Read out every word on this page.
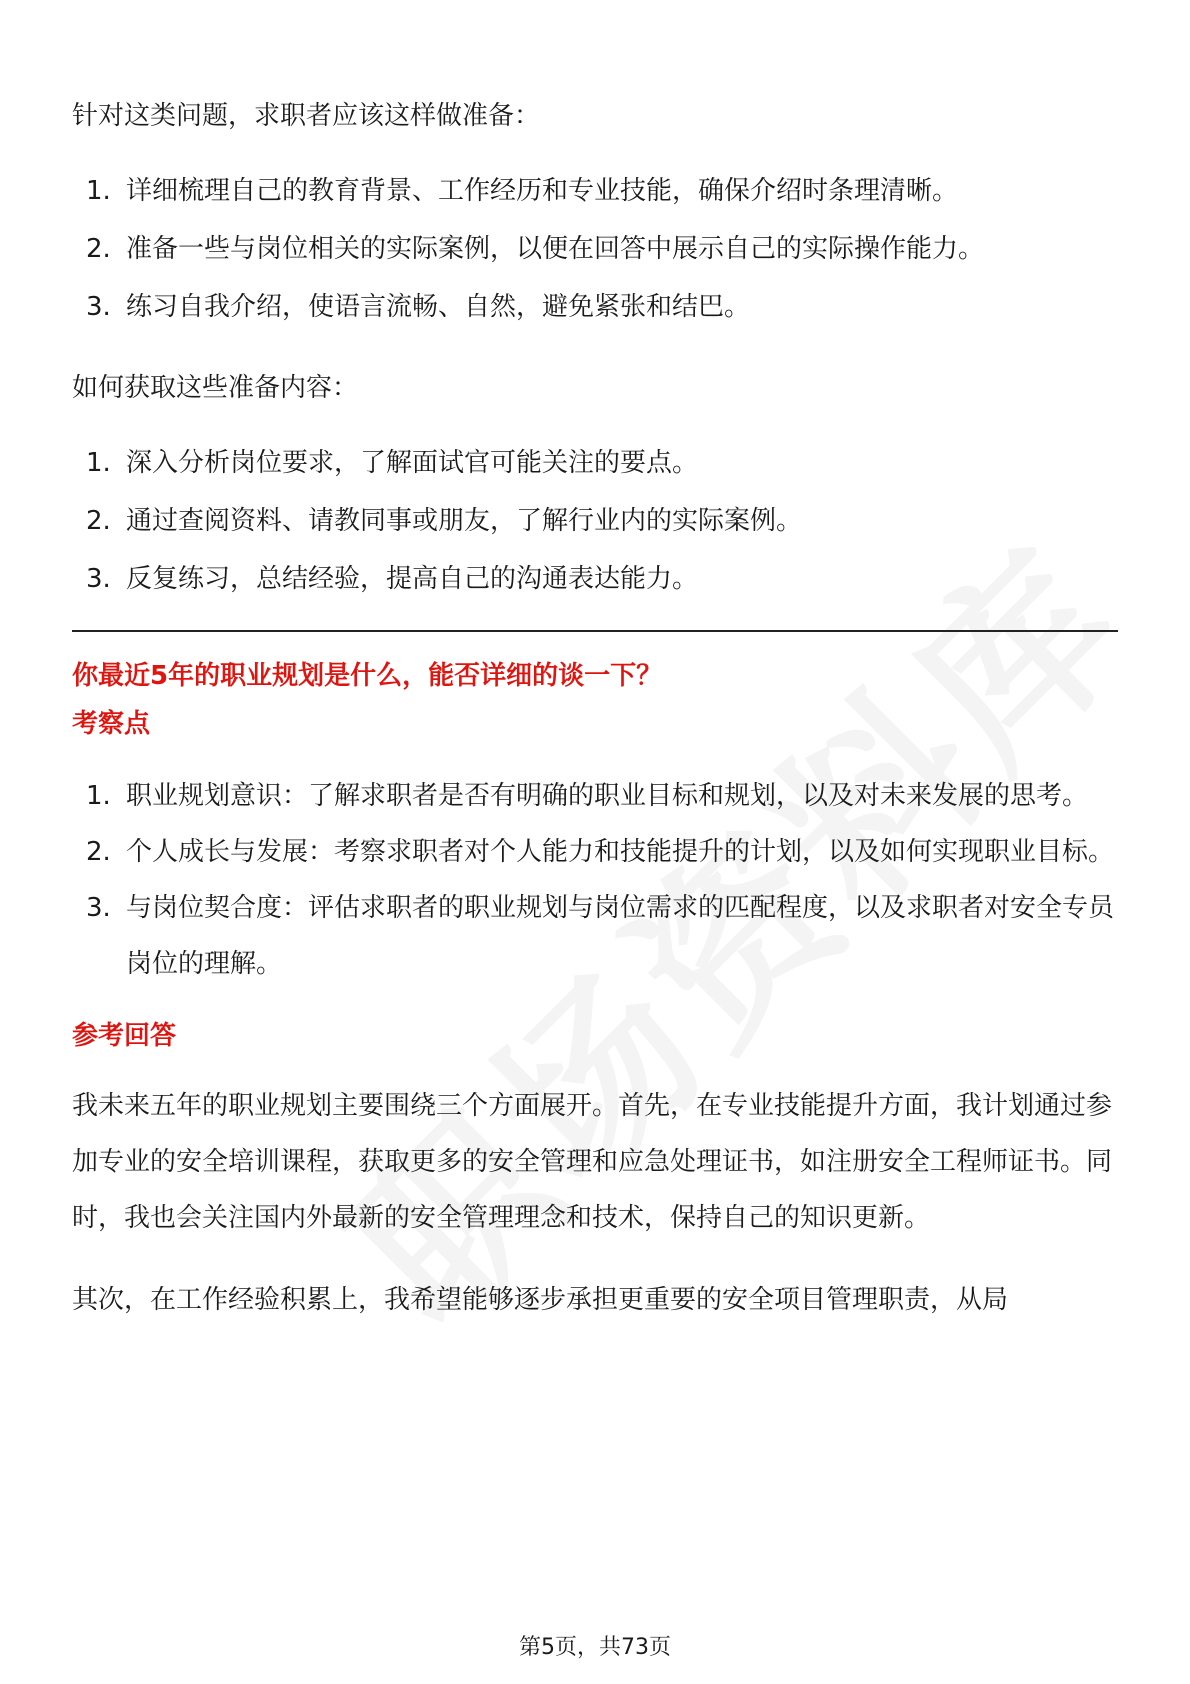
针对这类问题，求职者应该这样做准备：

1. 详细梳理自己的教育背景、工作经历和专业技能，确保介绍时条理清晰。
2. 准备一些与岗位相关的实际案例，以便在回答中展示自己的实际操作能力。
3. 练习自我介绍，使语言流畅、自然，避免紧张和结巴。

如何获取这些准备内容：

1. 深入分析岗位要求，了解面试官可能关注的要点。
2. 通过查阅资料、请教同事或朋友，了解行业内的实际案例。
3. 反复练习，总结经验，提高自己的沟通表达能力。

你最近5年的职业规划是什么，能否详细的谈一下？

考察点

1. 职业规划意识：了解求职者是否有明确的职业目标和规划，以及对未来发展的思考。
2. 个人成长与发展：考察求职者对个人能力和技能提升的计划，以及如何实现职业目标。
3. 与岗位契合度：评估求职者的职业规划与岗位需求的匹配程度，以及求职者对安全专员岗位的理解。

参考回答

我未来五年的职业规划主要围绕三个方面展开。首先，在专业技能提升方面，我计划通过参加专业的安全培训课程，获取更多的安全管理和应急处理证书，如注册安全工程师证书。同时，我也会关注国内外最新的安全管理理念和技术，保持自己的知识更新。

其次，在工作经验积累上，我希望能够逐步承担更重要的安全项目管理职责，从局

第5页，共73页
